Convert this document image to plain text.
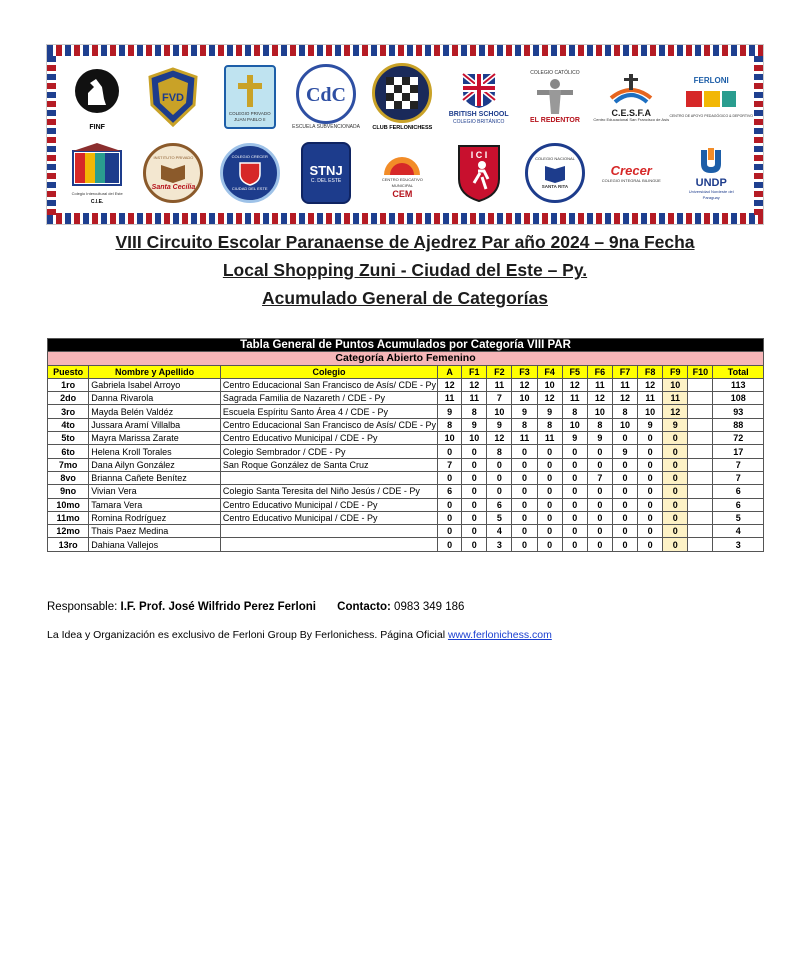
FINF
FVD
COLEGIO PRIVADO JUAN PABLO II
CdC
ESCUELA SUBVENCIONADA CLUB FERLONICHESS
BRITISH SCHOOL
COLEGIO BRITÁNICO
COLEGIO CATÓLICO
EL REDENTOR
C.E.S.F.A
Centro Educacional San Francisco de Asís
FERLONI
CENTRO DE APOYO PEDAGÓGICO & DEPORTIVO
Colegio Intercultural del Este
C.I.E.
INSTITUTO PRIVADO
Santa Cecilia
COLEGIO CRECER
CIUDAD DEL ESTE
STNJ
C. DEL ESTE	CENTRO EDUCATIVO MUNICIPAL
CEM
I C I	COLEGIO NACIONAL
SANTA RITA
Crecer
COLEGIO INTEGRAL BILINGÜE	UNDP
Universidad Nordeste del Paraguay
VIII Circuito Escolar Paranaense de Ajedrez Par año 2024 – 9na Fecha
Local Shopping Zuni - Ciudad del Este – Py.
Acumulado General de Categorías
Tabla General de Puntos Acumulados por Categoría VIII PAR														
Categoría Abierto Femenino														
Puesto	Nombre y Apellido	Colegio	A	F1	F2	F3	F4	F5	F6	F7	F8	F9	F10	Total
1ro	Gabriela Isabel Arroyo	Centro Educacional San Francisco de Asís/ CDE - Py	12	12	11	12	10	12	11	11	12	10		113
2do	Danna Rivarola	Sagrada Familia de Nazareth / CDE - Py	11	11	7	10	12	11	12	12	11	11		108
3ro	Mayda Belén Valdéz	Escuela Espíritu Santo Área 4 / CDE - Py	9	8	10	9	9	8	10	8	10	12		93
4to	Jussara Aramí Villalba	Centro Educacional San Francisco de Asís/ CDE - Py	8	9	9	8	8	10	8	10	9	9		88
5to	Mayra Marissa Zarate	Centro Educativo Municipal / CDE - Py	10	10	12	11	11	9	9	0	0	0		72
6to	Helena Kroll Torales	Colegio Sembrador / CDE - Py	0	0	8	0	0	0	0	9	0	0		17
7mo	Dana Ailyn González	San Roque González de Santa Cruz	7	0	0	0	0	0	0	0	0	0		7
8vo	Brianna Cañete Benítez		0	0	0	0	0	0	7	0	0	0		7
9no	Vivian Vera	Colegio Santa Teresita del Niño Jesús / CDE - Py	6	0	0	0	0	0	0	0	0	0		6
10mo	Tamara Vera	Centro Educativo Municipal / CDE - Py	0	0	6	0	0	0	0	0	0	0		6
11mo	Romina Rodríguez	Centro Educativo Municipal / CDE - Py	0	0	5	0	0	0	0	0	0	0		5
12mo	Thais Paez Medina		0	0	4	0	0	0	0	0	0	0		4
13ro	Dahiana Vallejos		0	0	3	0	0	0	0	0	0	0		3
Responsable: I.F. Prof. José Wilfrido Perez Ferloni Contacto: 0983 349 186
La Idea y Organización es exclusivo de Ferloni Group By Ferlonichess. Página Oficial www.ferlonichess.com
